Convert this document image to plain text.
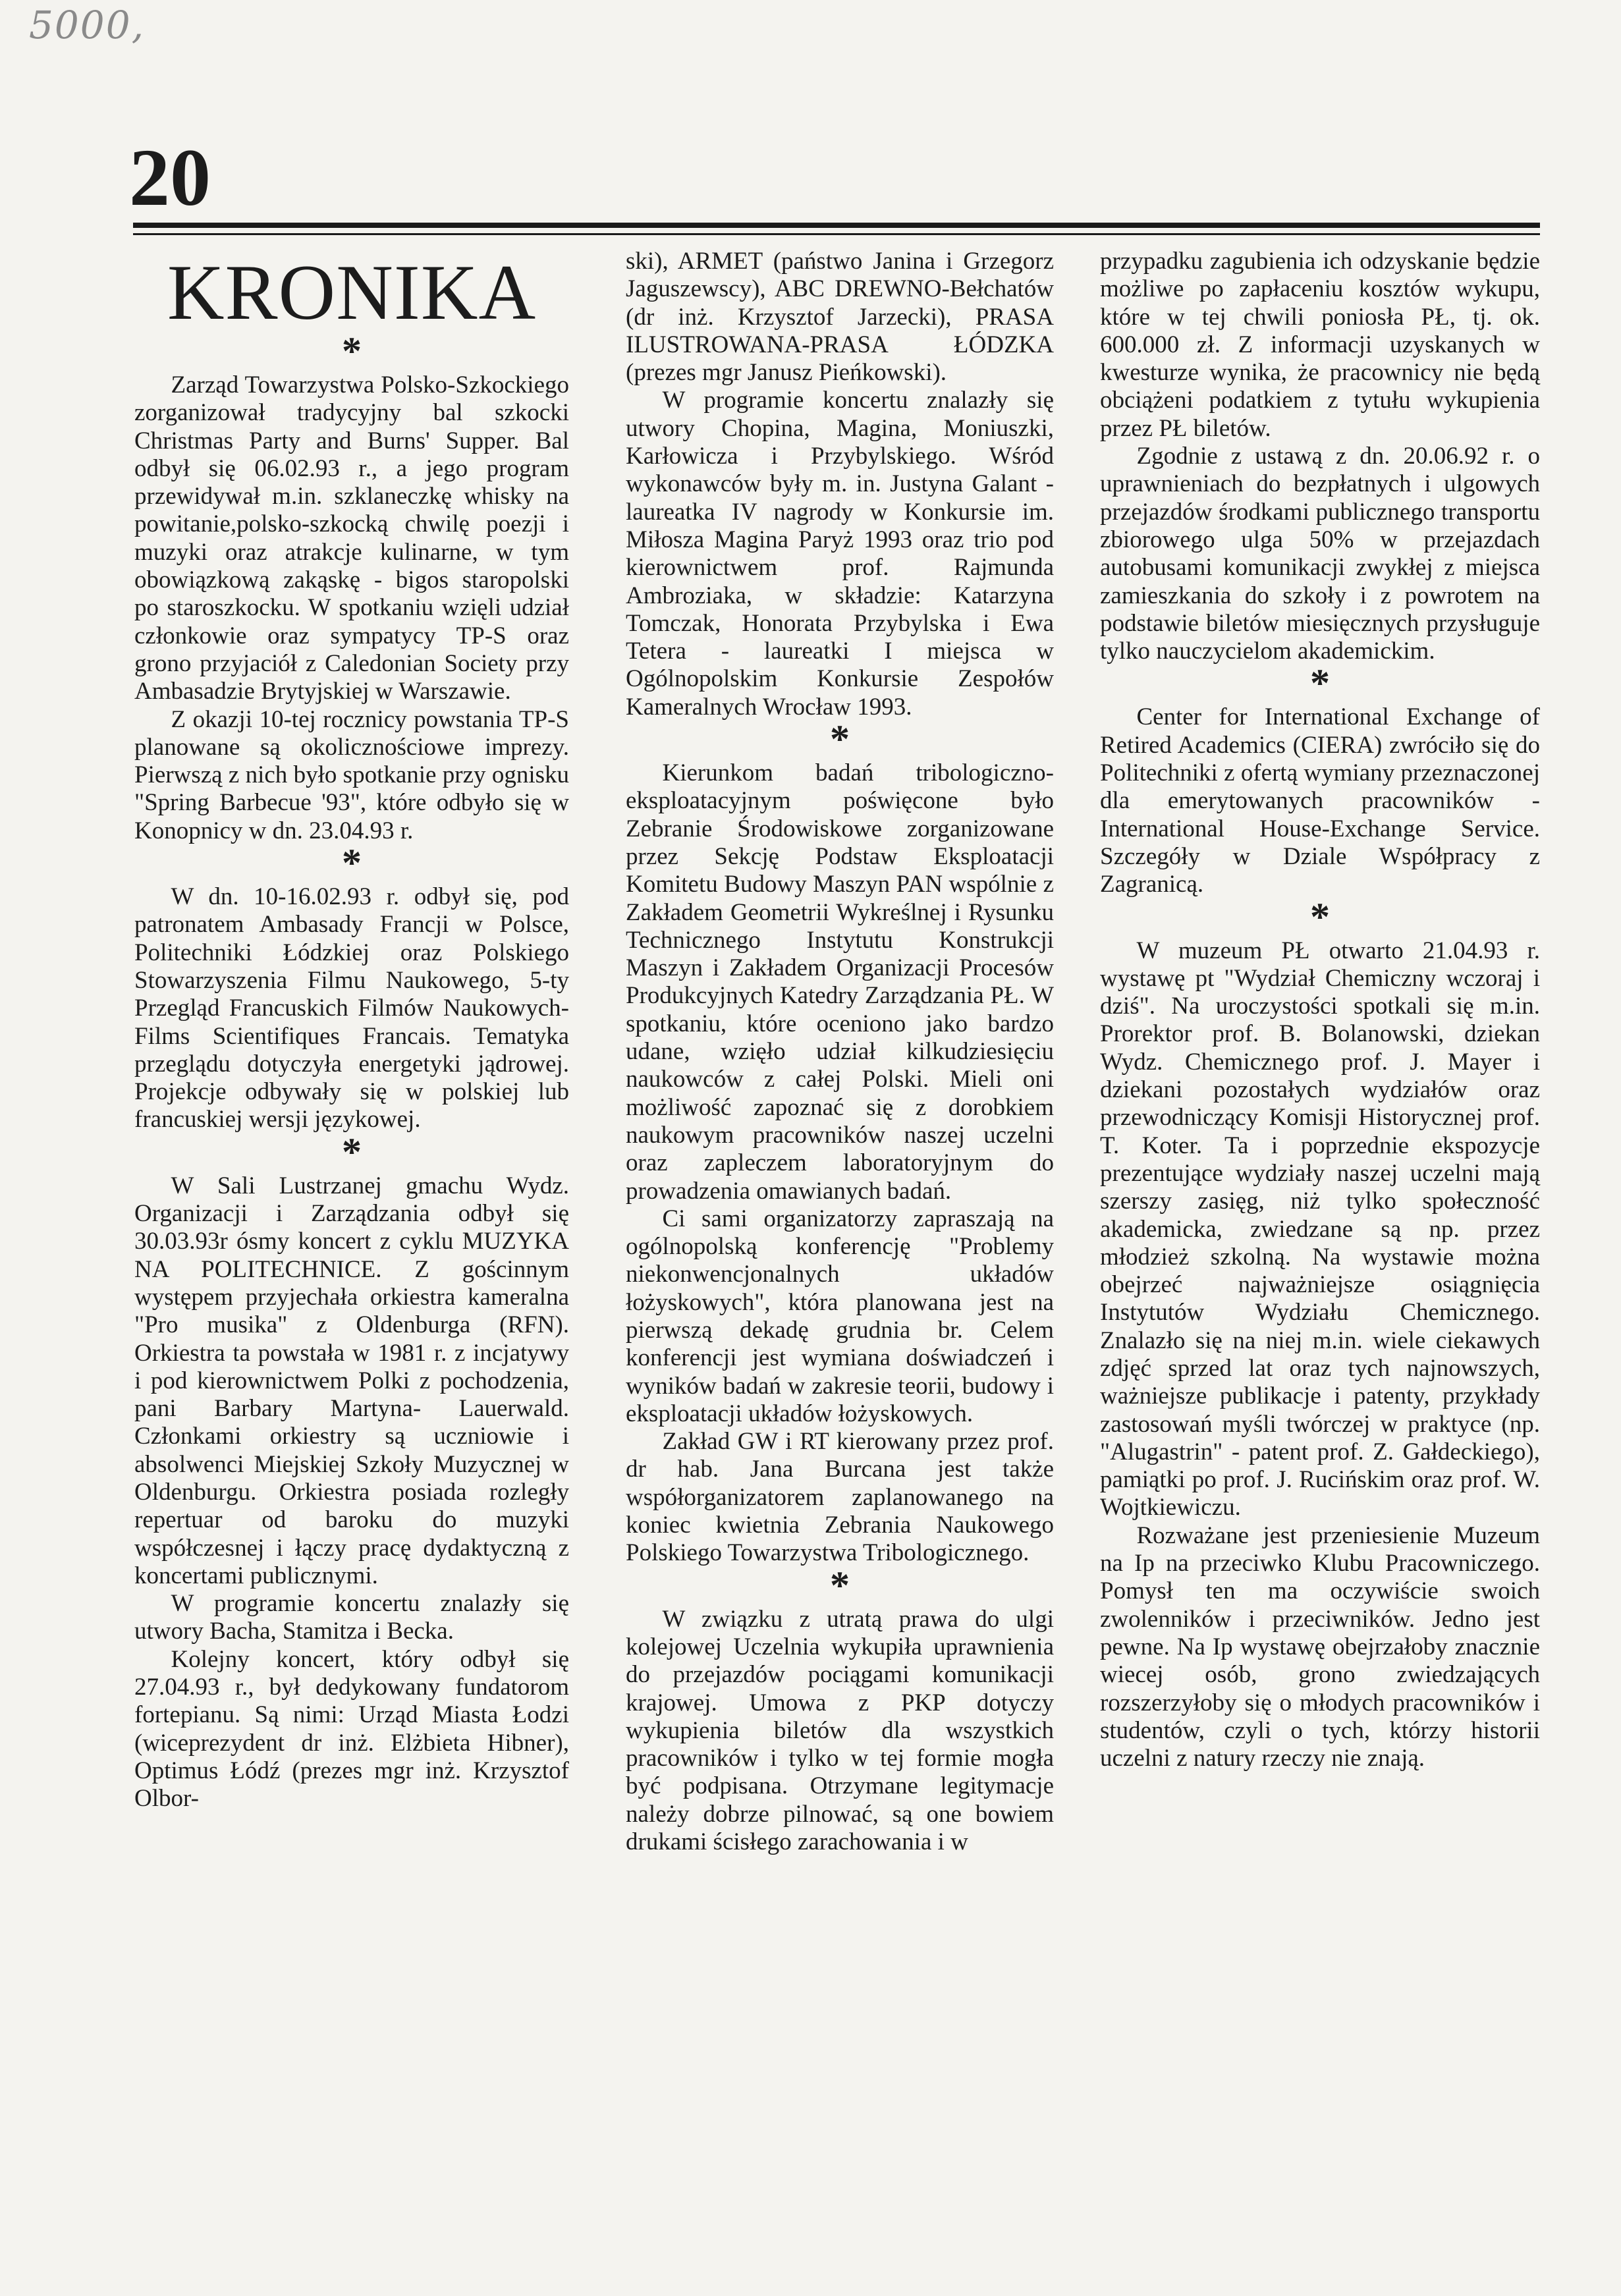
5000,
20
KRONIKA
*

Zarząd Towarzystwa Polsko-Szkockiego zorganizował tradycyjny bal szkocki Christmas Party and Burns' Supper. Bal odbył się 06.02.93 r., a jego program przewidywał m.in. szklaneczkę whisky na powitanie,polsko-szkocką chwilę poezji i muzyki oraz atrakcje kulinarne, w tym obowiązkową zakąskę - bigos staropolski po staroszkocku. W spotkaniu wzięli udział członkowie oraz sympatycy TP-S oraz grono przyjaciół z Caledonian Society przy Ambasadzie Brytyjskiej w Warszawie.

Z okazji 10-tej rocznicy powstania TP-S planowane są okolicznościowe imprezy. Pierwszą z nich było spotkanie przy ognisku "Spring Barbecue '93", które odbyło się w Konopnicy w dn. 23.04.93 r.

*

W dn. 10-16.02.93 r. odbył się, pod patronatem Ambasady Francji w Polsce, Politechniki Łódzkiej oraz Polskiego Stowarzyszenia Filmu Naukowego, 5-ty Przegląd Francuskich Filmów Naukowych-Films Scientifiques Francais. Tematyka przeglądu dotyczyła energetyki jądrowej. Projekcje odbywały się w polskiej lub francuskiej wersji językowej.

*

W Sali Lustrzanej gmachu Wydz. Organizacji i Zarządzania odbył się 30.03.93r ósmy koncert z cyklu MUZYKA NA POLITECHNICE. Z gościnnym występem przyjechała orkiestra kameralna "Pro musika" z Oldenburga (RFN). Orkiestra ta powstała w 1981 r. z incjatywy i pod kierownictwem Polki z pochodzenia, pani Barbary Martyna- Lauerwald. Członkami orkiestry są uczniowie i absolwenci Miejskiej Szkoły Muzycznej w Oldenburgu. Orkiestra posiada rozległy repertuar od baroku do muzyki współczesnej i łączy pracę dydaktyczną z koncertami publicznymi.

W programie koncertu znalazły się utwory Bacha, Stamitza i Becka.

Kolejny koncert, który odbył się 27.04.93 r., był dedykowany fundatorom fortepianu. Są nimi: Urząd Miasta Łodzi (wiceprezydent dr inż. Elżbieta Hibner), Optimus Łódź (prezes mgr inż. Krzysztof Olbor-

ski), ARMET (państwo Janina i Grzegorz Jaguszewscy), ABC DREWNO-Bełchatów (dr inż. Krzysztof Jarzecki), PRASA ILUSTROWANA-PRASA ŁÓDZKA (prezes mgr Janusz Pieńkowski).

W programie koncertu znalazły się utwory Chopina, Magina, Moniuszki, Karłowicza i Przybylskiego. Wśród wykonawców były m. in. Justyna Galant - laureatka IV nagrody w Konkursie im. Miłosza Magina Paryż 1993 oraz trio pod kierownictwem prof. Rajmunda Ambroziaka, w składzie: Katarzyna Tomczak, Honorata Przybylska i Ewa Tetera - laureatki I miejsca w Ogólnopolskim Konkursie Zespołów Kameralnych Wrocław 1993.

*

Kierunkom badań tribologiczno-eksploatacyjnym poświęcone było Zebranie Środowiskowe zorganizowane przez Sekcję Podstaw Eksploatacji Komitetu Budowy Maszyn PAN wspólnie z Zakładem Geometrii Wykreślnej i Rysunku Technicznego Instytutu Konstrukcji Maszyn i Zakładem Organizacji Procesów Produkcyjnych Katedry Zarządzania PŁ. W spotkaniu, które oceniono jako bardzo udane, wzięło udział kilkudziesięciu naukowców z całej Polski. Mieli oni możliwość zapoznać się z dorobkiem naukowym pracowników naszej uczelni oraz zapleczem laboratoryjnym do prowadzenia omawianych badań.

Ci sami organizatorzy zapraszają na ogólnopolską konferencję "Problemy niekonwencjonalnych układów łożyskowych", która planowana jest na pierwszą dekadę grudnia br. Celem konferencji jest wymiana doświadczeń i wyników badań w zakresie teorii, budowy i eksploatacji układów łożyskowych.

Zakład GW i RT kierowany przez prof. dr hab. Jana Burcana jest także współorganizatorem zaplanowanego na koniec kwietnia Zebrania Naukowego Polskiego Towarzystwa Tribologicznego.

*

W związku z utratą prawa do ulgi kolejowej Uczelnia wykupiła uprawnienia do przejazdów pociągami komunikacji krajowej. Umowa z PKP dotyczy wykupienia biletów dla wszystkich pracowników i tylko w tej formie mogła być podpisana. Otrzymane legitymacje należy dobrze pilnować, są one bowiem drukami ścisłego zarachowania i w

przypadku zagubienia ich odzyskanie będzie możliwe po zapłaceniu kosztów wykupu, które w tej chwili poniosła PŁ, tj. ok. 600.000 zł. Z informacji uzyskanych w kwesturze wynika, że pracownicy nie będą obciążeni podatkiem z tytułu wykupienia przez PŁ biletów.

Zgodnie z ustawą z dn. 20.06.92 r. o uprawnieniach do bezpłatnych i ulgowych przejazdów środkami publicznego transportu zbiorowego ulga 50% w przejazdach autobusami komunikacji zwykłej z miejsca zamieszkania do szkoły i z powrotem na podstawie biletów miesięcznych przysługuje tylko nauczycielom akademickim.

*

Center for International Exchange of Retired Academics (CIERA) zwróciło się do Politechniki z ofertą wymiany przeznaczonej dla emerytowanych pracowników - International House-Exchange Service. Szczegóły w Dziale Współpracy z Zagranicą.

*

W muzeum PŁ otwarto 21.04.93 r. wystawę pt "Wydział Chemiczny wczoraj i dziś". Na uroczystości spotkali się m.in. Prorektor prof. B. Bolanowski, dziekan Wydz. Chemicznego prof. J. Mayer i dziekani pozostałych wydziałów oraz przewodniczący Komisji Historycznej prof. T. Koter. Ta i poprzednie ekspozycje prezentujące wydziały naszej uczelni mają szerszy zasięg, niż tylko społeczność akademicka, zwiedzane są np. przez młodzież szkolną. Na wystawie można obejrzeć najważniejsze osiągnięcia Instytutów Wydziału Chemicznego. Znalazło się na niej m.in. wiele ciekawych zdjęć sprzed lat oraz tych najnowszych, ważniejsze publikacje i patenty, przykłady zastosowań myśli twórczej w praktyce (np. "Alugastrin" - patent prof. Z. Gałdeckiego), pamiątki po prof. J. Rucińskim oraz prof. W. Wojtkiewiczu.

Rozważane jest przeniesienie Muzeum na Ip na przeciwko Klubu Pracowniczego. Pomysł ten ma oczywiście swoich zwolenników i przeciwników. Jedno jest pewne. Na Ip wystawę obejrzałoby znacznie wiecej osób, grono zwiedzających rozszerzyłoby się o młodych pracowników i studentów, czyli o tych, którzy historii uczelni z natury rzeczy nie znają.
